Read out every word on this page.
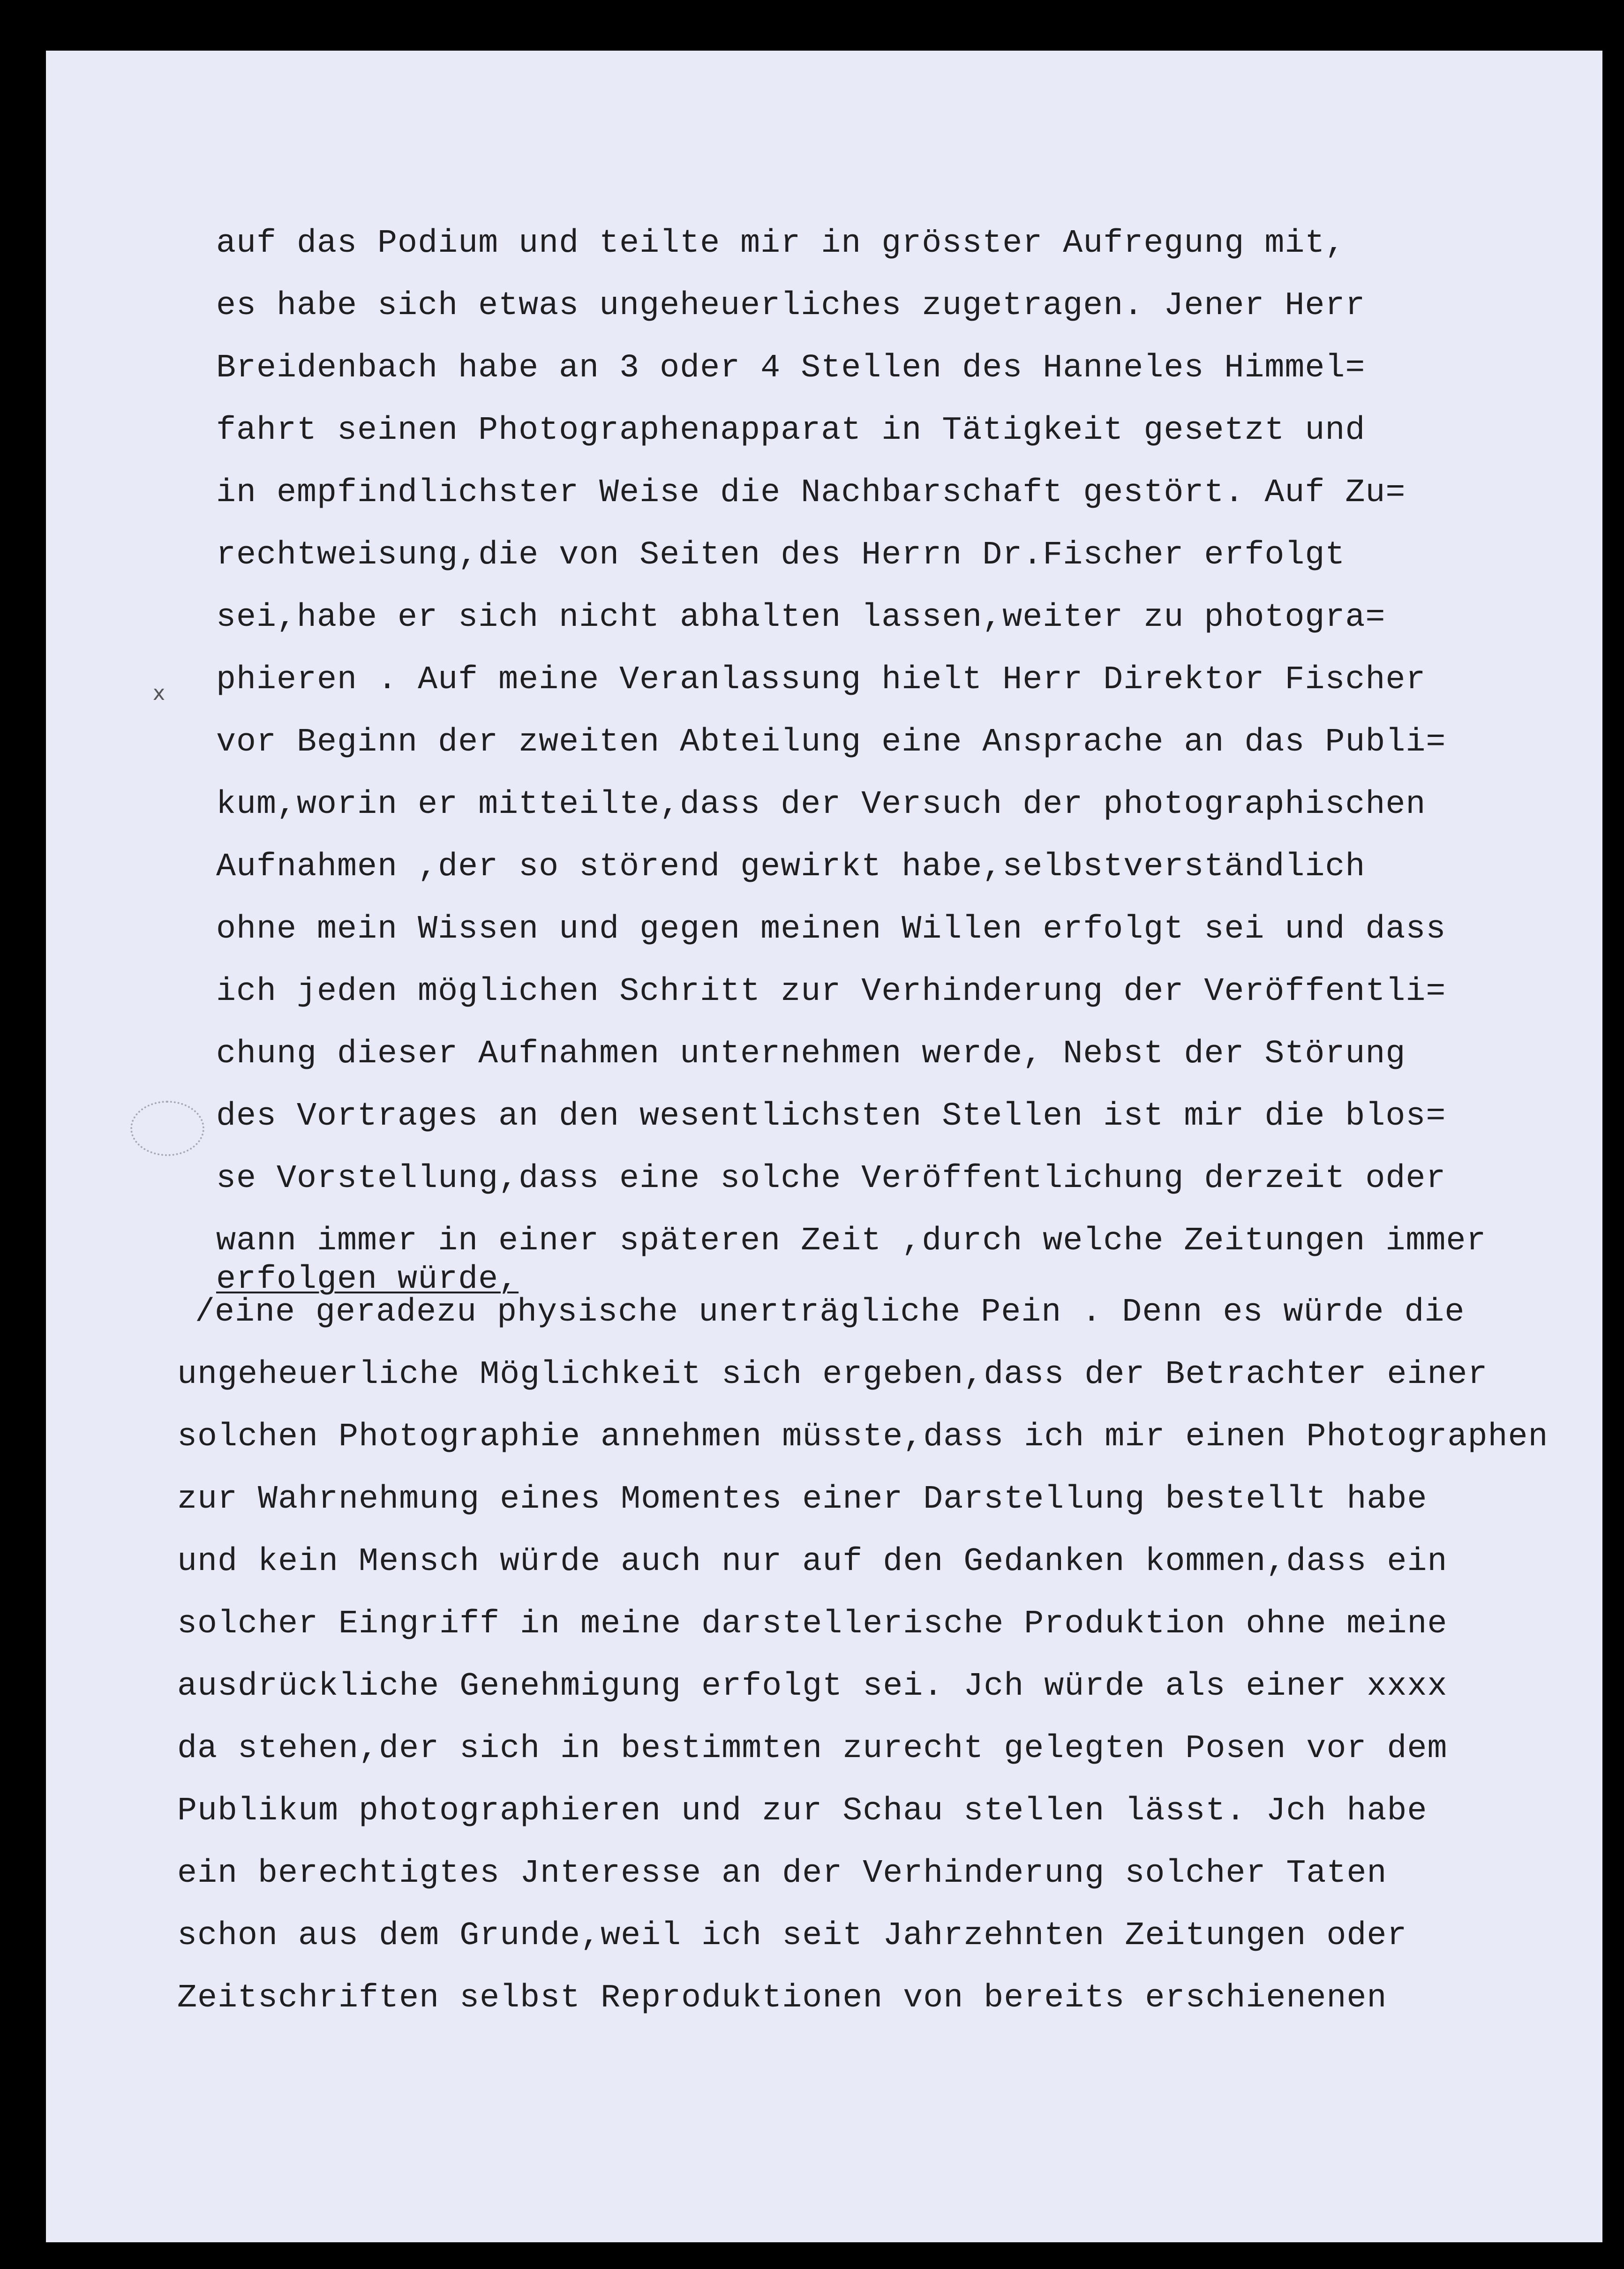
x
auf das Podium und teilte mir in grösster Aufregung mit,
es habe sich etwas ungeheuerliches zugetragen. Jener Herr
Breidenbach habe an 3 oder 4 Stellen des Hanneles Himmel=
fahrt seinen Photographenapparat in Tätigkeit gesetzt und
in empfindlichster Weise die Nachbarschaft gestört. Auf Zu=
rechtweisung,die von Seiten des Herrn Dr.Fischer erfolgt
sei,habe er sich nicht abhalten lassen,weiter zu photogra=
phieren . Auf meine Veranlassung hielt Herr Direktor Fischer
vor Beginn der zweiten Abteilung eine Ansprache an das Publi=
kum,worin er mitteilte,dass der Versuch der photographischen
Aufnahmen ,der so störend gewirkt habe,selbstverständlich
ohne mein Wissen und gegen meinen Willen erfolgt sei und dass
ich jeden möglichen Schritt zur Verhinderung der Veröffentli=
chung dieser Aufnahmen unternehmen werde, Nebst der Störung
des Vortrages an den wesentlichsten Stellen ist mir die blos=
se Vorstellung,dass eine solche Veröffentlichung derzeit oder
wann immer in einer späteren Zeit ,durch welche Zeitungen immer
erfolgen würde,
/
eine geradezu physische unerträgliche Pein . Denn es würde die
ungeheuerliche Möglichkeit sich ergeben,dass der Betrachter einer
solchen Photographie annehmen müsste,dass ich mir einen Photographen
zur Wahrnehmung eines Momentes einer Darstellung bestellt habe
und kein Mensch würde auch nur auf den Gedanken kommen,dass ein
solcher Eingriff in meine darstellerische Produktion ohne meine
ausdrückliche Genehmigung erfolgt sei. Jch würde als einer xxxx
da stehen,der sich in bestimmten zurecht gelegten Posen vor dem
Publikum photographieren und zur Schau stellen lässt. Jch habe
ein berechtigtes Jnteresse an der Verhinderung solcher Taten
schon aus dem Grunde,weil ich seit Jahrzehnten Zeitungen oder
Zeitschriften selbst Reproduktionen von bereits erschienenen
